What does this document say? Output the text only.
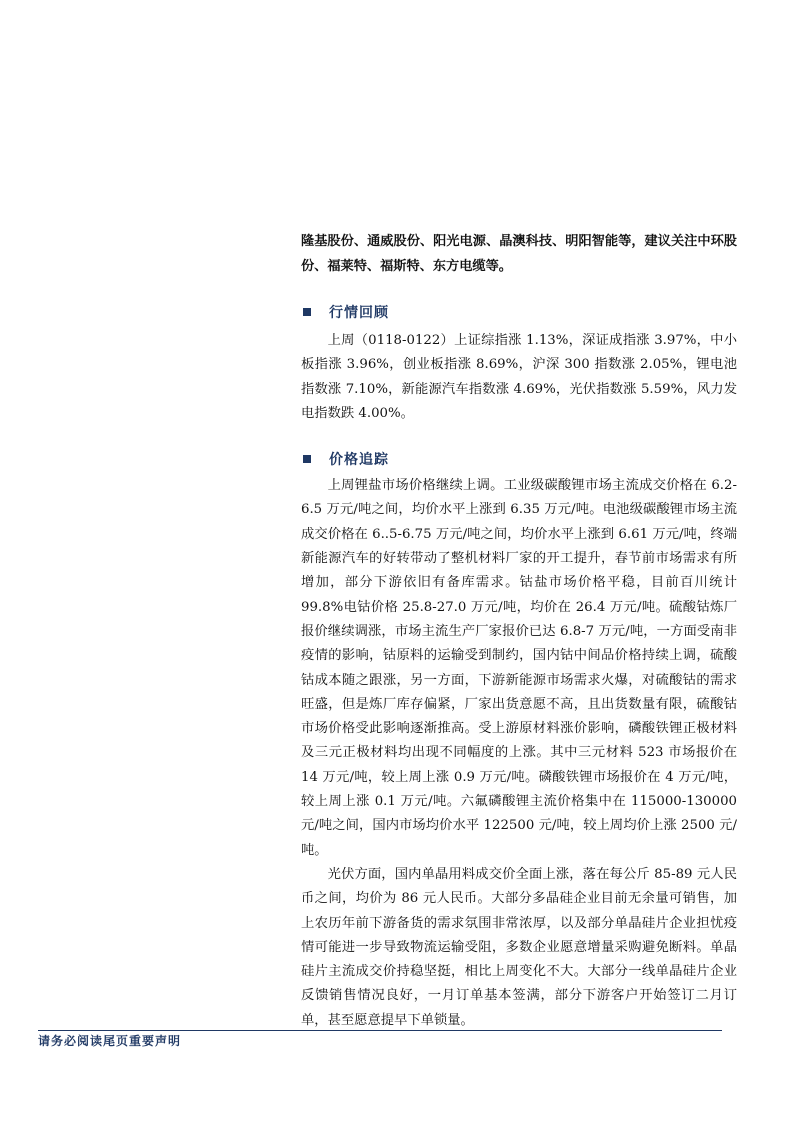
隆基股份、通威股份、阳光电源、晶澳科技、明阳智能等，建议关注中环股份、福莱特、福斯特、东方电缆等。

行情回顾

上周（0118-0122）上证综指涨 1.13%，深证成指涨 3.97%，中小板指涨 3.96%，创业板指涨 8.69%，沪深 300 指数涨 2.05%，锂电池指数涨 7.10%，新能源汽车指数涨 4.69%，光伏指数涨 5.59%，风力发电指数跌 4.00%。

价格追踪

上周锂盐市场价格继续上调。工业级碳酸锂市场主流成交价格在 6.2-6.5 万元/吨之间，均价水平上涨到 6.35 万元/吨。电池级碳酸锂市场主流成交价格在 6..5-6.75 万元/吨之间，均价水平上涨到 6.61 万元/吨，终端新能源汽车的好转带动了整机材料厂家的开工提升，春节前市场需求有所增加，部分下游依旧有备库需求。钴盐市场价格平稳，目前百川统计 99.8%电钴价格 25.8-27.0 万元/吨，均价在 26.4 万元/吨。硫酸钴炼厂报价继续调涨，市场主流生产厂家报价已达 6.8-7 万元/吨，一方面受南非疫情的影响，钴原料的运输受到制约，国内钴中间品价格持续上调，硫酸钴成本随之跟涨，另一方面，下游新能源市场需求火爆，对硫酸钴的需求旺盛，但是炼厂库存偏紧，厂家出货意愿不高，且出货数量有限，硫酸钴市场价格受此影响逐渐推高。受上游原材料涨价影响，磷酸铁锂正极材料及三元正极材料均出现不同幅度的上涨。其中三元材料 523 市场报价在 14 万元/吨，较上周上涨 0.9 万元/吨。磷酸铁锂市场报价在 4 万元/吨，较上周上涨 0.1 万元/吨。六氟磷酸锂主流价格集中在 115000-130000 元/吨之间，国内市场均价水平 122500 元/吨，较上周均价上涨 2500 元/吨。

光伏方面，国内单晶用料成交价全面上涨，落在每公斤 85-89 元人民币之间，均价为 86 元人民币。大部分多晶硅企业目前无余量可销售，加上农历年前下游备货的需求氛围非常浓厚，以及部分单晶硅片企业担忧疫情可能进一步导致物流运输受阻，多数企业愿意增量采购避免断料。单晶硅片主流成交价持稳坚挺，相比上周变化不大。大部分一线单晶硅片企业反馈销售情况良好，一月订单基本签满，部分下游客户开始签订二月订单，甚至愿意提早下单锁量。

请务必阅读尾页重要声明
